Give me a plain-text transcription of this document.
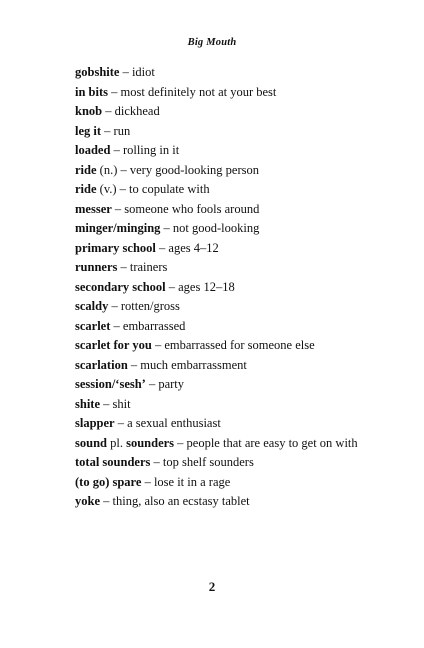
Big Mouth
gobshite – idiot
in bits – most definitely not at your best
knob – dickhead
leg it – run
loaded – rolling in it
ride (n.) – very good-looking person
ride (v.) – to copulate with
messer – someone who fools around
minger/minging – not good-looking
primary school – ages 4–12
runners – trainers
secondary school – ages 12–18
scaldy – rotten/gross
scarlet – embarrassed
scarlet for you – embarrassed for someone else
scarlation – much embarrassment
session/‘sesh’ – party
shite – shit
slapper – a sexual enthusiast
sound pl. sounders – people that are easy to get on with
total sounders – top shelf sounders
(to go) spare – lose it in a rage
yoke – thing, also an ecstasy tablet
2
